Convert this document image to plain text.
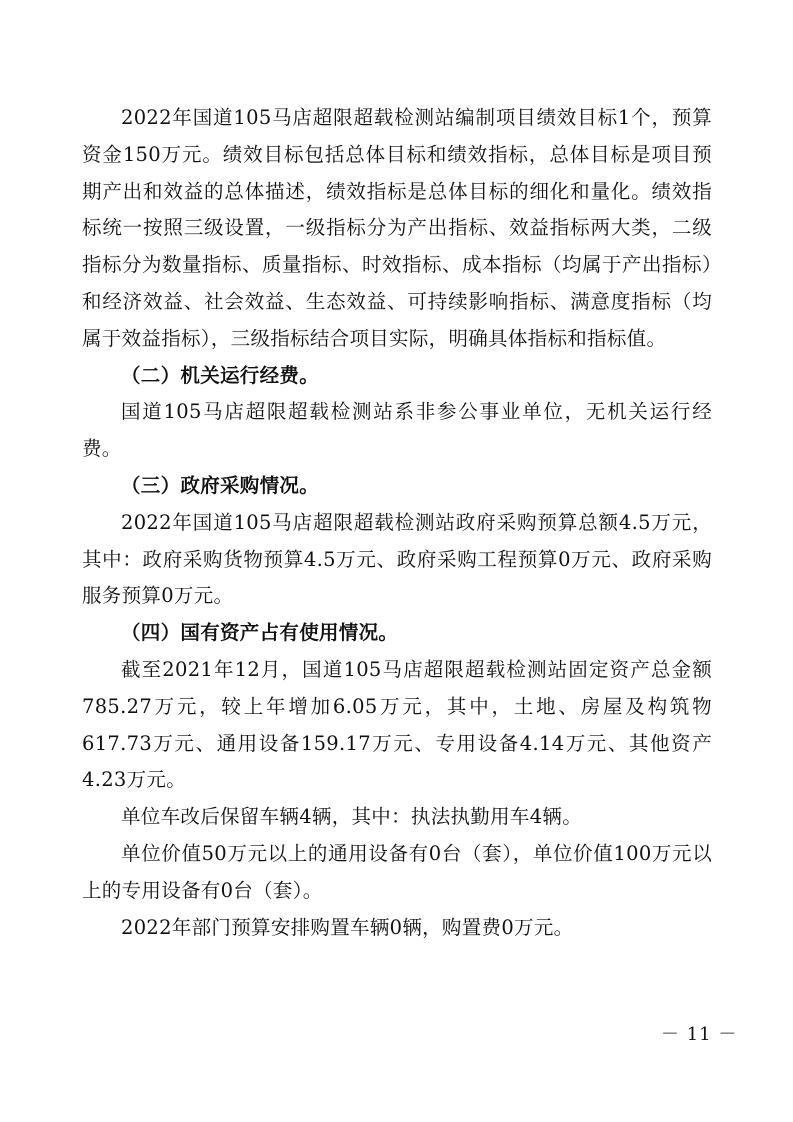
2022年国道105马店超限超载检测站编制项目绩效目标1个，预算资金150万元。绩效目标包括总体目标和绩效指标，总体目标是项目预期产出和效益的总体描述，绩效指标是总体目标的细化和量化。绩效指标统一按照三级设置，一级指标分为产出指标、效益指标两大类，二级指标分为数量指标、质量指标、时效指标、成本指标（均属于产出指标）和经济效益、社会效益、生态效益、可持续影响指标、满意度指标（均属于效益指标），三级指标结合项目实际，明确具体指标和指标值。

（二）机关运行经费。

国道105马店超限超载检测站系非参公事业单位，无机关运行经费。

（三）政府采购情况。

2022年国道105马店超限超载检测站政府采购预算总额4.5万元，其中：政府采购货物预算4.5万元、政府采购工程预算0万元、政府采购服务预算0万元。

（四）国有资产占有使用情况。

截至2021年12月，国道105马店超限超载检测站固定资产总金额785.27万元，较上年增加6.05万元，其中，土地、房屋及构筑物617.73万元、通用设备159.17万元、专用设备4.14万元、其他资产4.23万元。

单位车改后保留车辆4辆，其中：执法执勤用车4辆。

单位价值50万元以上的通用设备有0台（套），单位价值100万元以上的专用设备有0台（套）。

2022年部门预算安排购置车辆0辆，购置费0万元。

－ 11 －
